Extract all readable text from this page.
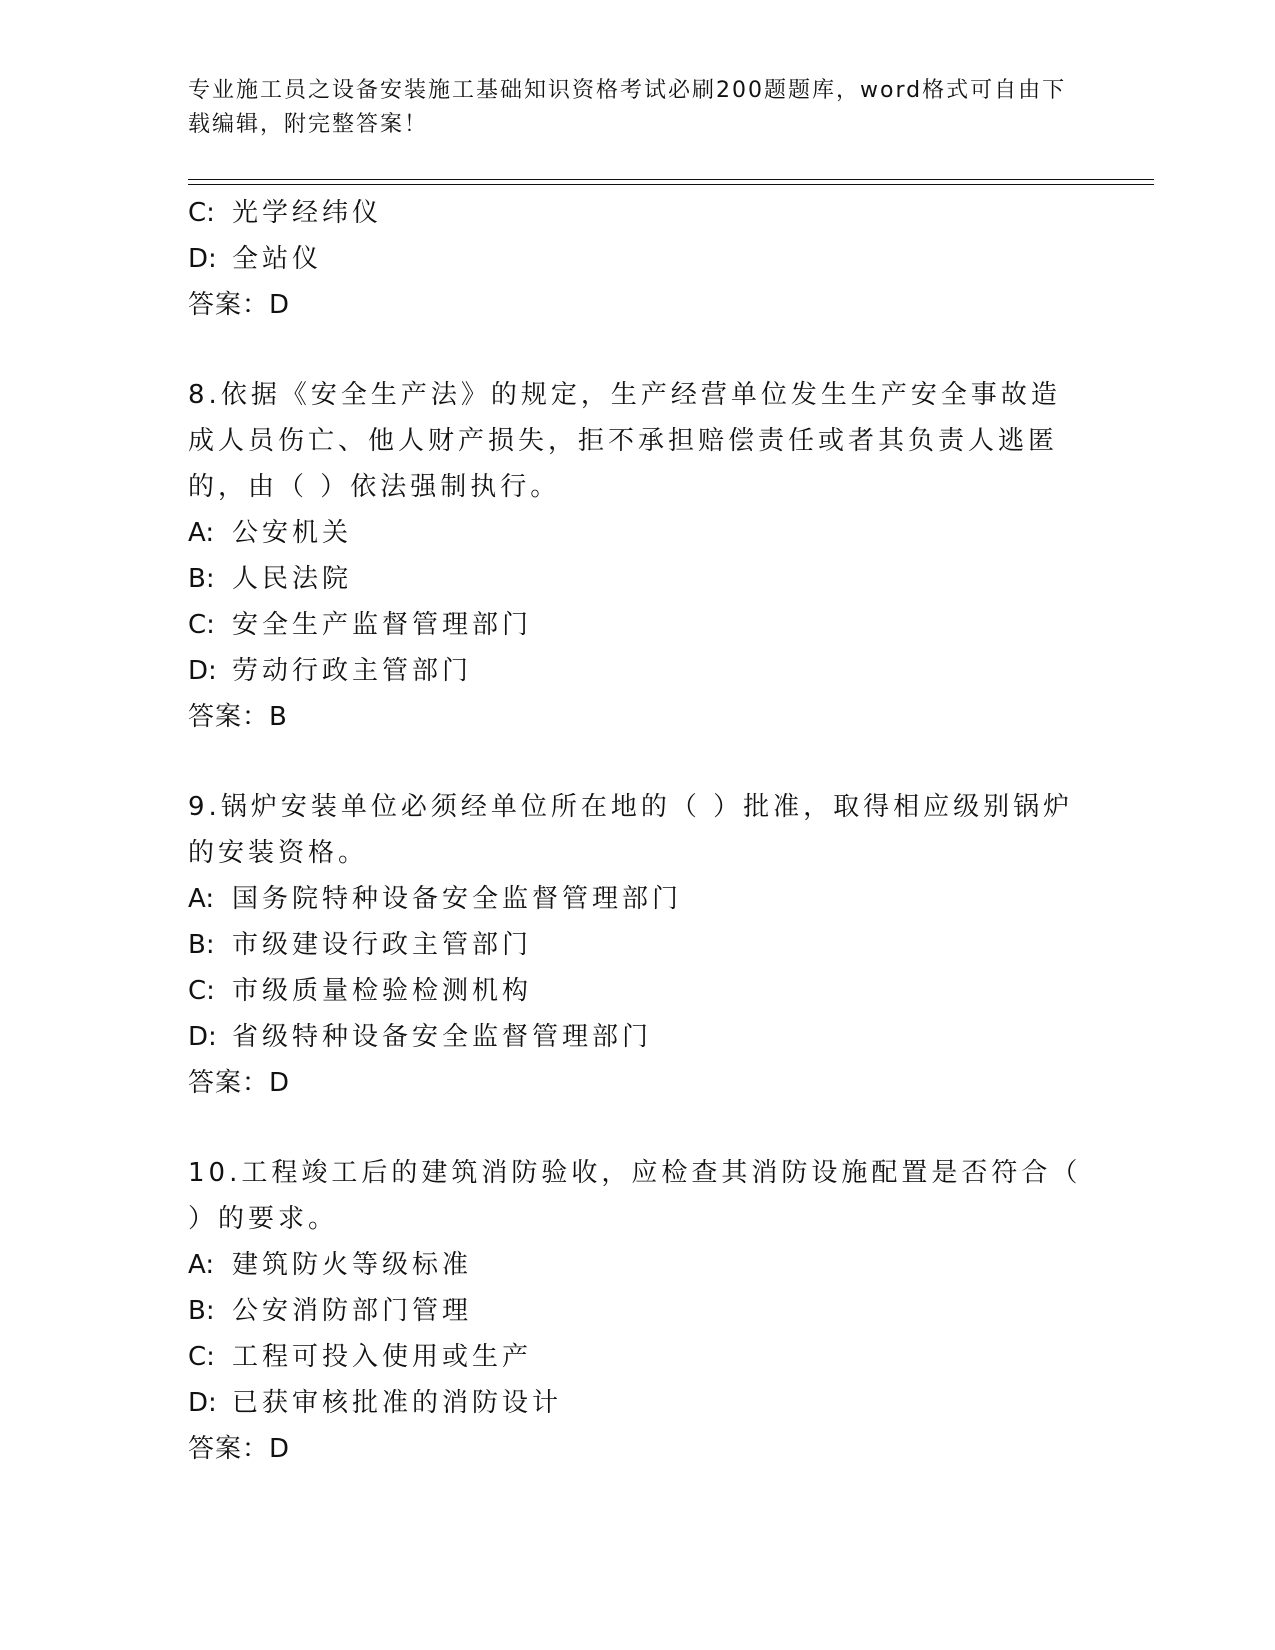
专业施工员之设备安装施工基础知识资格考试必刷200题题库，word格式可自由下载编辑，附完整答案！
C: 光学经纬仪
D: 全站仪
答案：D
8.依据《安全生产法》的规定，生产经营单位发生生产安全事故造成人员伤亡、他人财产损失，拒不承担赔偿责任或者其负责人逃匿的，由（ ）依法强制执行。
A: 公安机关
B: 人民法院
C: 安全生产监督管理部门
D: 劳动行政主管部门
答案：B
9.锅炉安装单位必须经单位所在地的（ ）批准，取得相应级别锅炉的安装资格。
A: 国务院特种设备安全监督管理部门
B: 市级建设行政主管部门
C: 市级质量检验检测机构
D: 省级特种设备安全监督管理部门
答案：D
10.工程竣工后的建筑消防验收，应检查其消防设施配置是否符合（ ）的要求。
A: 建筑防火等级标准
B: 公安消防部门管理
C: 工程可投入使用或生产
D: 已获审核批准的消防设计
答案：D
